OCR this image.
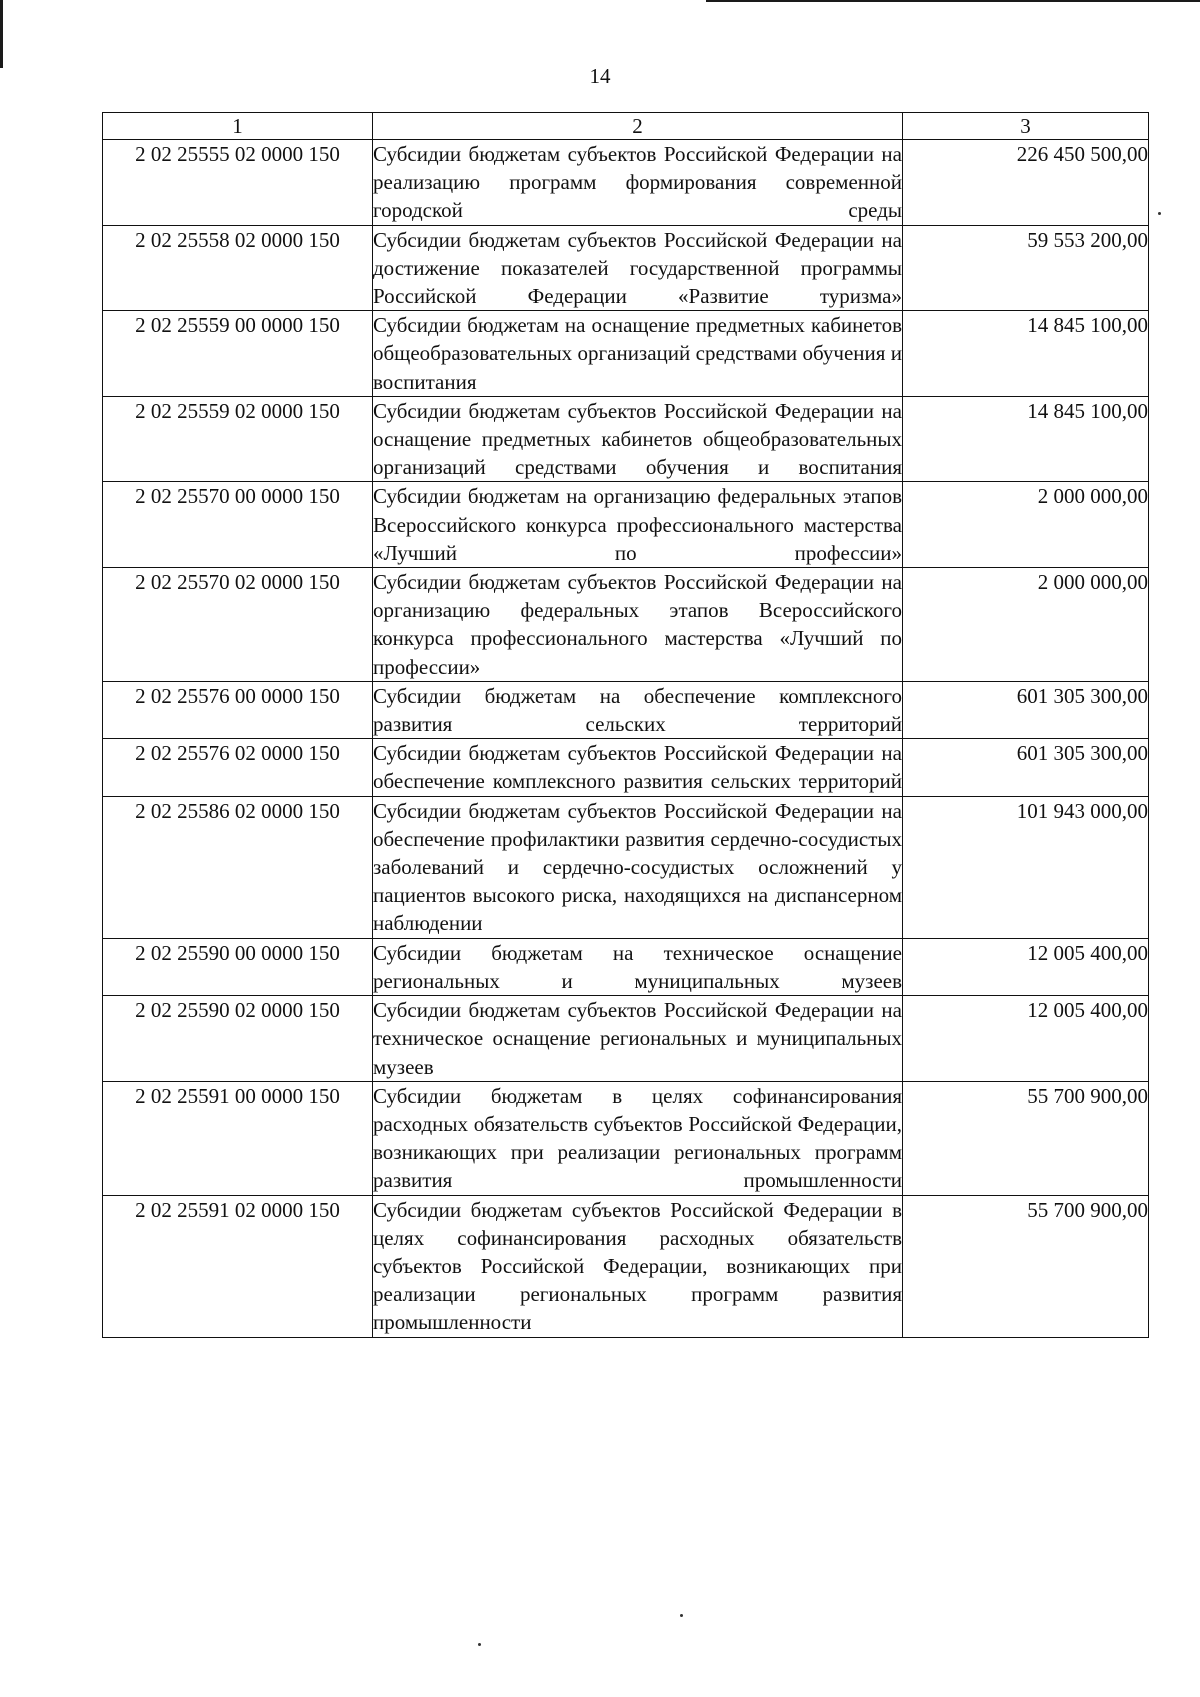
14
1	2	3
2 02 25555 02 0000 150	Субсидии бюджетам субъектов Российской Федерации на реализацию программ формирования современной городской среды	226 450 500,00
2 02 25558 02 0000 150	Субсидии бюджетам субъектов Российской Федерации на достижение показателей государственной программы Российской Федерации «Развитие туризма»	59 553 200,00
2 02 25559 00 0000 150	Субсидии бюджетам на оснащение предметных кабинетов общеобразовательных организаций средствами обучения и воспитания	14 845 100,00
2 02 25559 02 0000 150	Субсидии бюджетам субъектов Российской Федерации на оснащение предметных кабинетов общеобразовательных организаций средствами обучения и воспитания	14 845 100,00
2 02 25570 00 0000 150	Субсидии бюджетам на организацию федеральных этапов Всероссийского конкурса профессионального мастерства «Лучший по профессии»	2 000 000,00
2 02 25570 02 0000 150	Субсидии бюджетам субъектов Российской Федерации на организацию федеральных этапов Всероссийского конкурса профессионального мастерства «Лучший по профессии»	2 000 000,00
2 02 25576 00 0000 150	Субсидии бюджетам на обеспечение комплексного развития сельских территорий	601 305 300,00
2 02 25576 02 0000 150	Субсидии бюджетам субъектов Российской Федерации на обеспечение комплексного развития сельских территорий	601 305 300,00
2 02 25586 02 0000 150	Субсидии бюджетам субъектов Российской Федерации на обеспечение профилактики развития сердечно-сосудистых заболеваний и сердечно-сосудистых осложнений у пациентов высокого риска, находящихся на диспансерном наблюдении	101 943 000,00
2 02 25590 00 0000 150	Субсидии бюджетам на техническое оснащение региональных и муниципальных музеев	12 005 400,00
2 02 25590 02 0000 150	Субсидии бюджетам субъектов Российской Федерации на техническое оснащение региональных и муниципальных музеев	12 005 400,00
2 02 25591 00 0000 150	Субсидии бюджетам в целях софинансирования расходных обязательств субъектов Российской Федерации, возникающих при реализации региональных программ развития промышленности	55 700 900,00
2 02 25591 02 0000 150	Субсидии бюджетам субъектов Российской Федерации в целях софинансирования расходных обязательств субъектов Российской Федерации, возникающих при реализации региональных программ развития промышленности	55 700 900,00
